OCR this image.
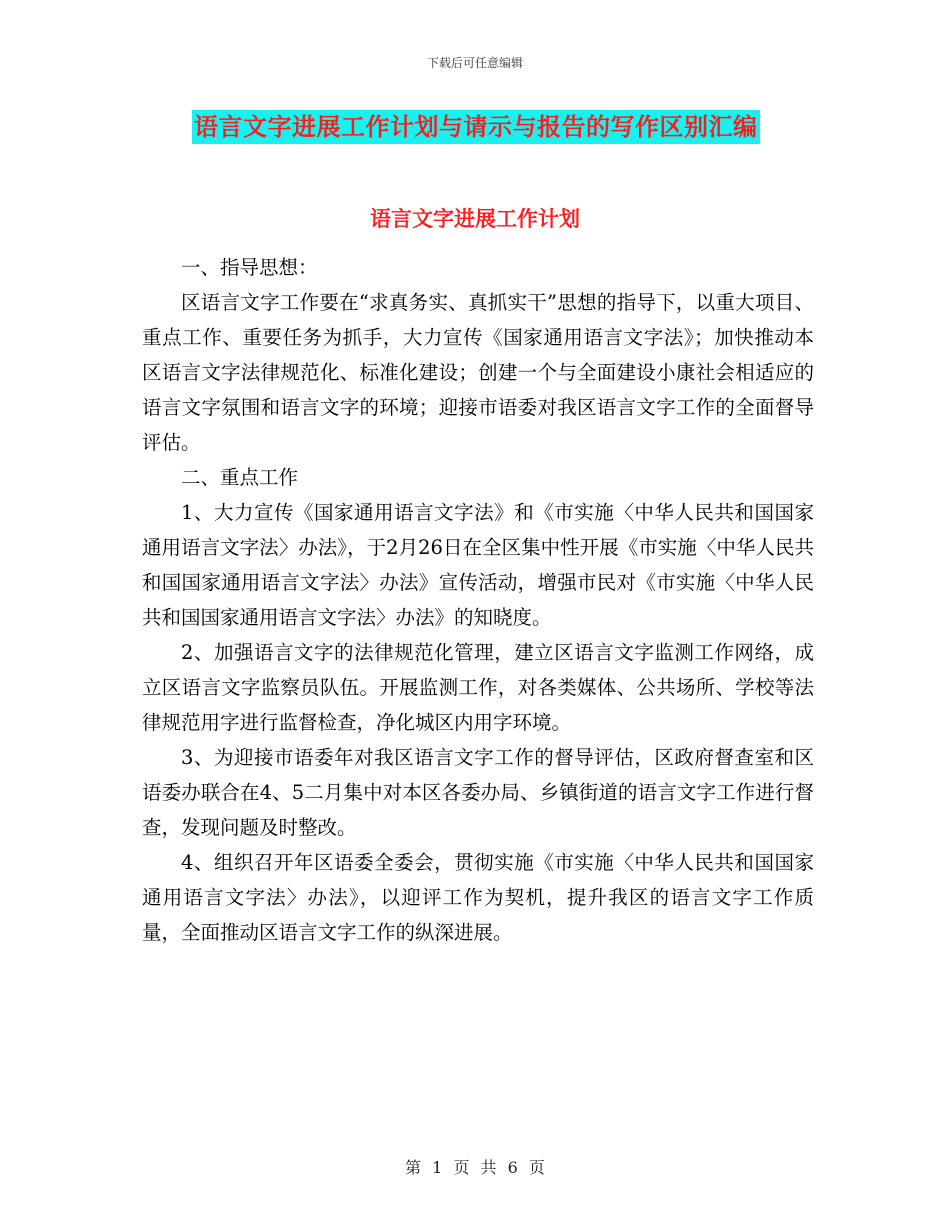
下载后可任意编辑
语言文字进展工作计划与请示与报告的写作区别汇编
语言文字进展工作计划

一、指导思想：

区语言文字工作要在“求真务实、真抓实干”思想的指导下，以重大项目、重点工作、重要任务为抓手，大力宣传《国家通用语言文字法》；加快推动本区语言文字法律规范化、标准化建设；创建一个与全面建设小康社会相适应的语言文字氛围和语言文字的环境；迎接市语委对我区语言文字工作的全面督导评估。

二、重点工作

1、大力宣传《国家通用语言文字法》和《市实施〈中华人民共和国国家通用语言文字法〉办法》，于2月26日在全区集中性开展《市实施〈中华人民共和国国家通用语言文字法〉办法》宣传活动，增强市民对《市实施〈中华人民共和国国家通用语言文字法〉办法》的知晓度。

2、加强语言文字的法律规范化管理，建立区语言文字监测工作网络，成立区语言文字监察员队伍。开展监测工作，对各类媒体、公共场所、学校等法律规范用字进行监督检查，净化城区内用字环境。

3、为迎接市语委年对我区语言文字工作的督导评估，区政府督查室和区语委办联合在4、5二月集中对本区各委办局、乡镇街道的语言文字工作进行督查，发现问题及时整改。

4、组织召开年区语委全委会，贯彻实施《市实施〈中华人民共和国国家通用语言文字法〉办法》，以迎评工作为契机，提升我区的语言文字工作质量，全面推动区语言文字工作的纵深进展。

第 1 页 共 6 页
